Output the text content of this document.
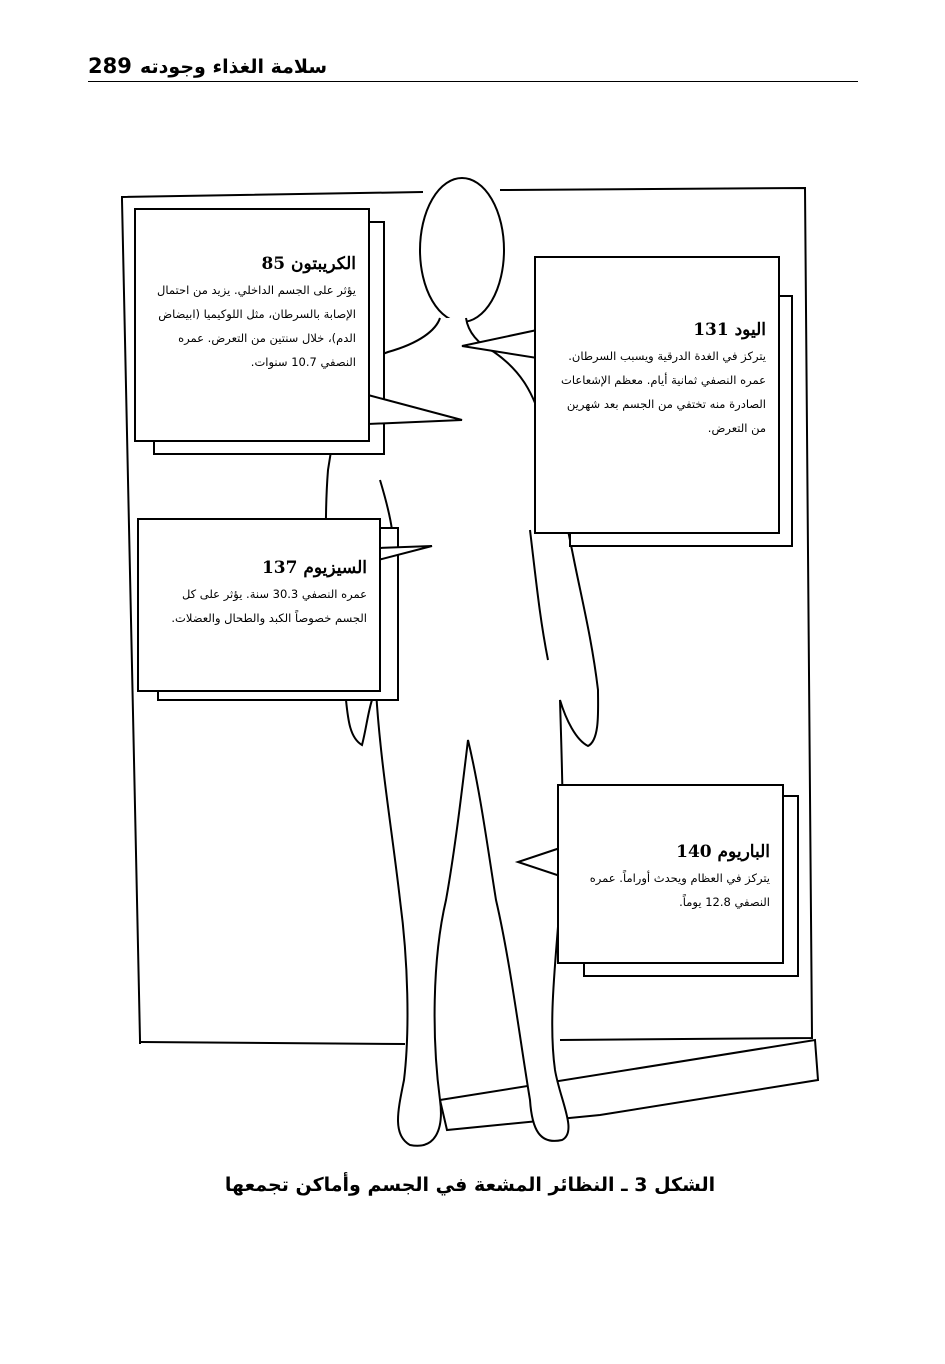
289 سلامة الغذاء وجودته
الكريبتون 85
يؤثر على الجسم الداخلي. يزيد من احتمال الإصابة بالسرطان، مثل اللوكيميا (ابيضاض الدم)، خلال سنتين من التعرض. عمره النصفي 10.7 سنوات.
اليود 131
يتركز في الغدة الدرقية ويسبب السرطان. عمره النصفي ثمانية أيام. معظم الإشعاعات الصادرة منه تختفي من الجسم بعد شهرين من التعرض.
السيزيوم 137
عمره النصفي 30.3 سنة. يؤثر على كل الجسم خصوصاً الكبد والطحال والعضلات.
الباريوم 140
يتركز في العظام ويحدث أوراماً. عمره النصفي 12.8 يوماً.
الشكل 3 ـ النظائر المشعة في الجسم وأماكن تجمعها
